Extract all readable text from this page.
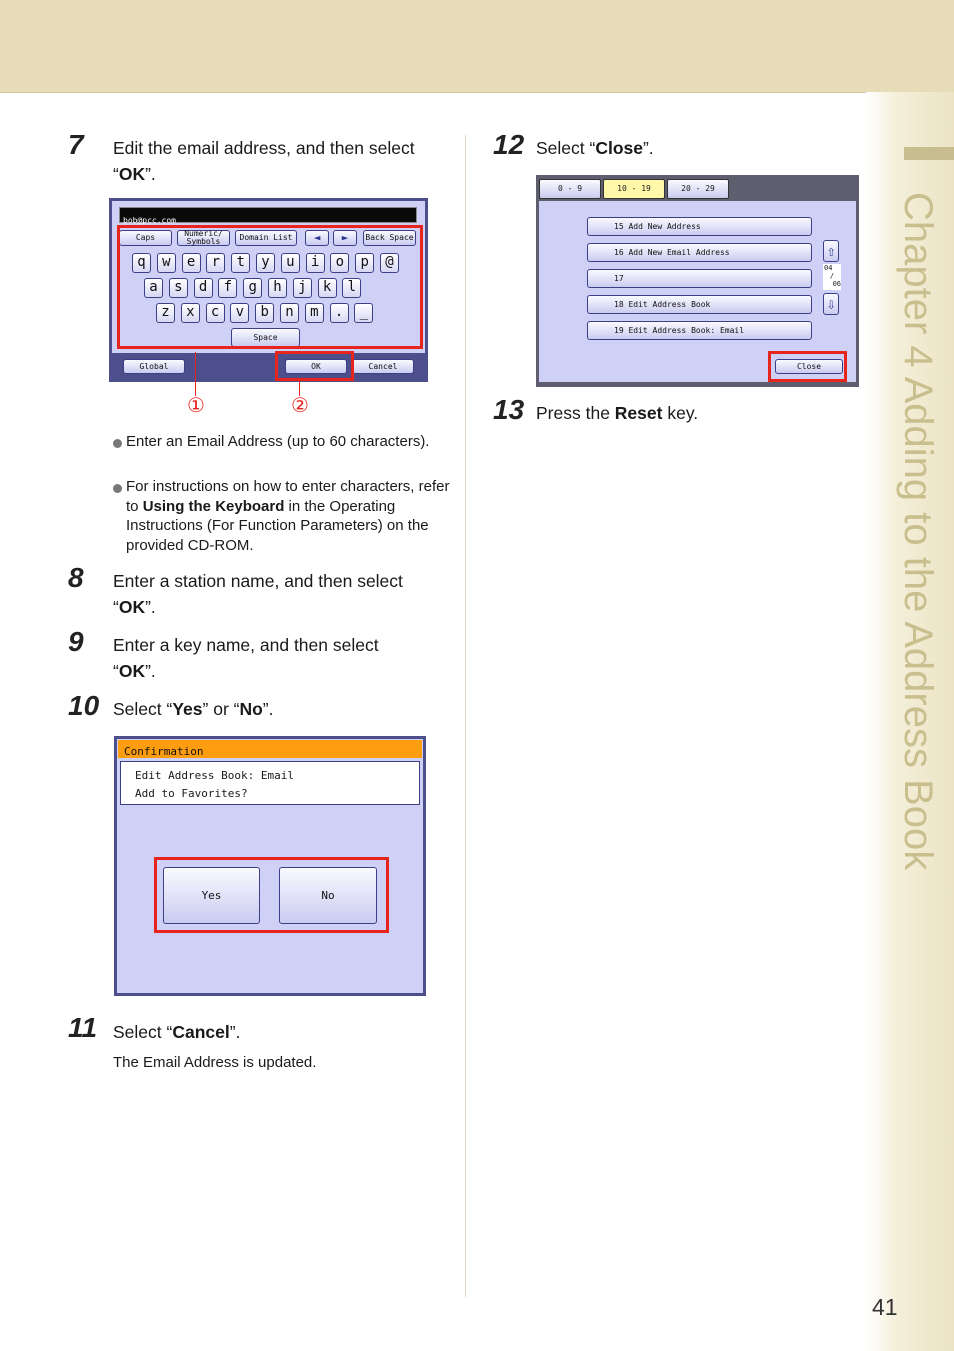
Chapter 4 Adding to the Address Book
41
7 Edit the email address, and then select “OK”.
bob@pcc.com
Caps	Numeric/
Symbols	Domain List	◄	►	Back Space
q	w	e	r	t	y	u	i	o	p	@
a	s	d	f	g	h	j	k	l
z	x	c	v	b	n	m	.	_
Space
Global	OK	Cancel
①	②
Enter an Email Address (up to 60 characters).
For instructions on how to enter characters, refer to Using the Keyboard in the Operating Instructions (For Function Parameters) on the provided CD-ROM.
8 Enter a station name, and then select “OK”.
9 Enter a key name, and then select “OK”.
10 Select “Yes” or “No”.
Confirmation
Edit Address Book: Email
Add to Favorites?
Yes	No
11 Select “Cancel”.
The Email Address is updated.
12 Select “Close”.
0 - 9	10 - 19	20 - 29
15 Add New Address
16 Add New Email Address
17
18 Edit Address Book
19 Edit Address Book: Email
⇧
04
/
06
⇩
Close
13 Press the Reset key.
